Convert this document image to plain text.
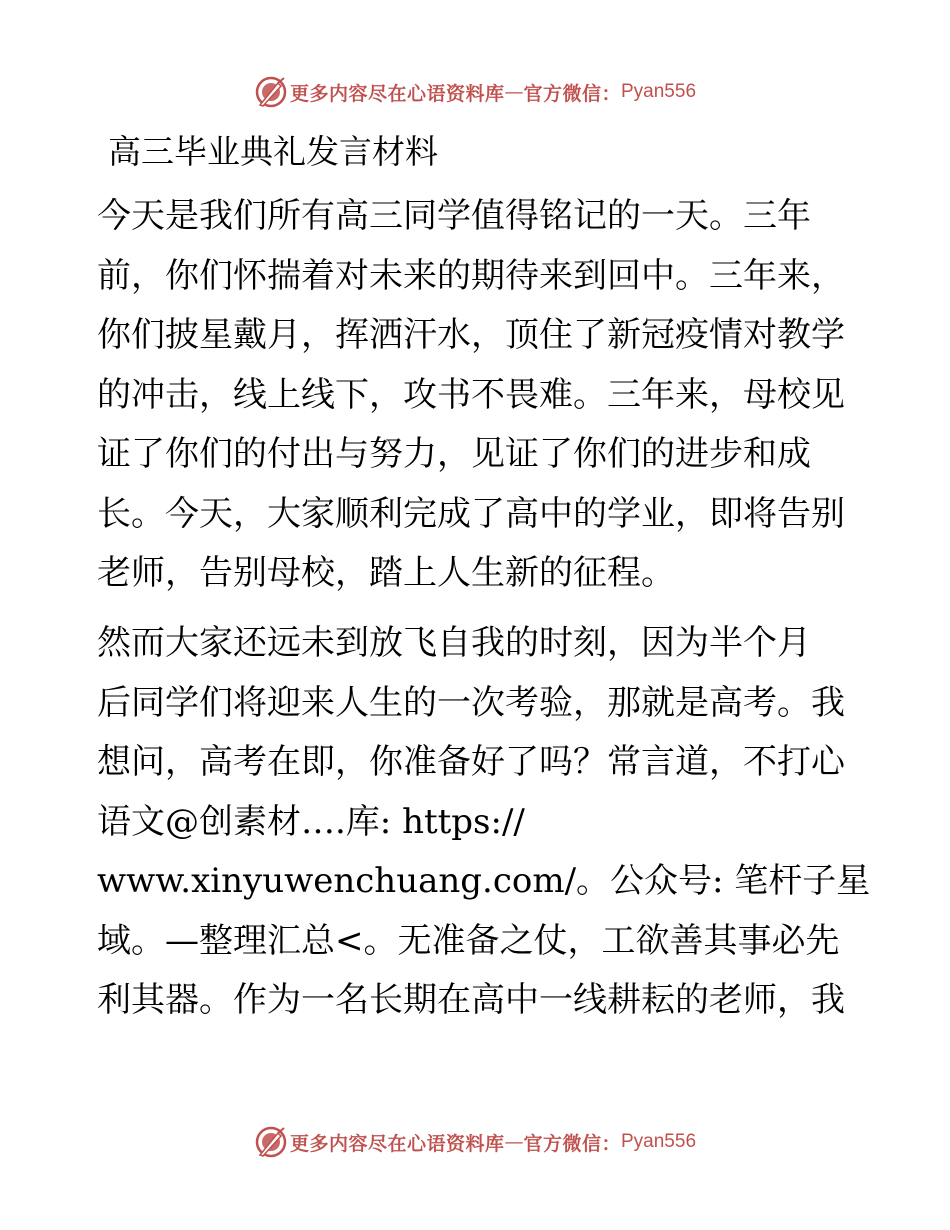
更多内容尽在心语资料库 — 官方微信： Pyan556
高三毕业典礼发言材料
今天是我们所有高三同学值得铭记的一天。三年
前，你们怀揣着对未来的期待来到回中。三年来，
你们披星戴月，挥洒汗水，顶住了新冠疫情对教学
的冲击，线上线下，攻书不畏难。三年来，母校见
证了你们的付出与努力，见证了你们的进步和成
长。今天，大家顺利完成了高中的学业，即将告别
老师，告别母校，踏上人生新的征程。
然而大家还远未到放飞自我的时刻，因为半个月
后同学们将迎来人生的一次考验，那就是高考。我
想问，高考在即，你准备好了吗？常言道，不打心
语文@创素材….库: https://
www.xinyuwenchuang.com/。公众号: 笔杆子星
域。—整理汇总<。无准备之仗，工欲善其事必先
利其器。作为一名长期在高中一线耕耘的老师，我
更多内容尽在心语资料库 — 官方微信： Pyan556
